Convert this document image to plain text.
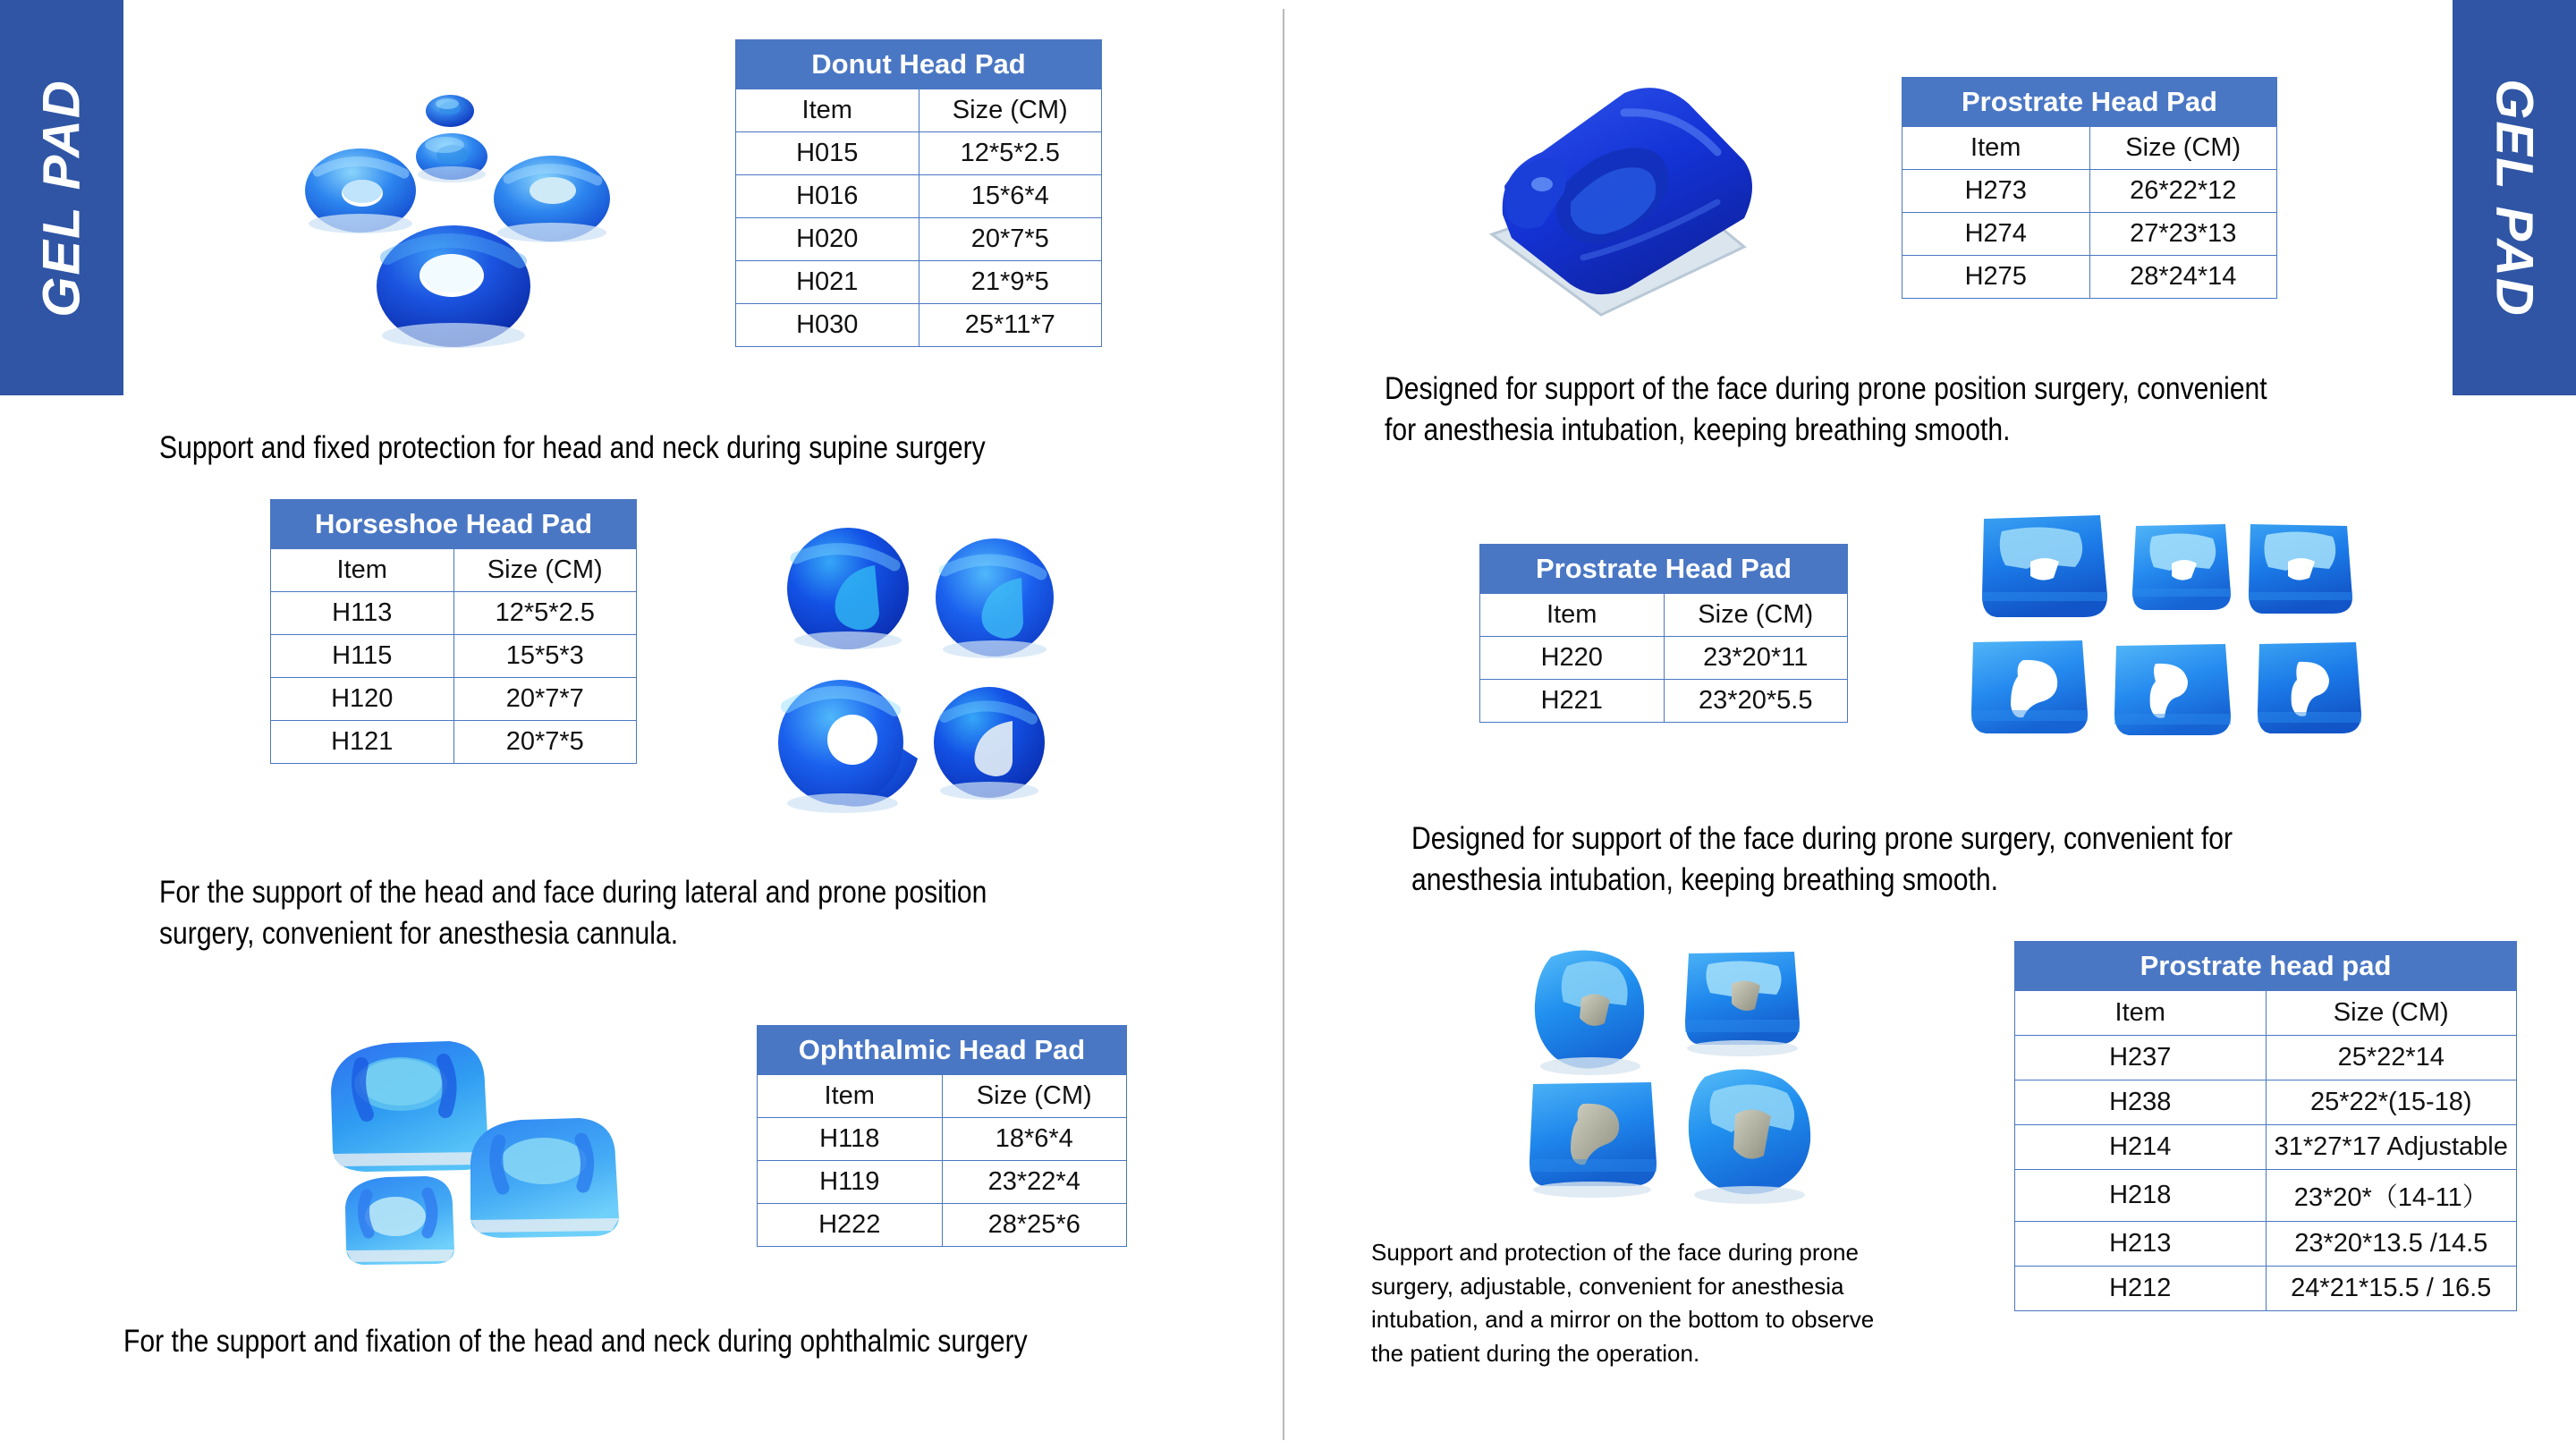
GEL PAD	GEL PAD
Donut Head Pad	
Item	Size (CM)
H015	12*5*2.5
H016	15*6*4
H020	20*7*5
H021	21*9*5
H030	25*11*7
Support and fixed protection for head and neck during supine surgery
Horseshoe Head Pad	
Item	Size (CM)
H113	12*5*2.5
H115	15*5*3
H120	20*7*7
H121	20*7*5
For the support of the head and face during lateral and prone position
surgery, convenient for anesthesia cannula.
Ophthalmic Head Pad	
Item	Size (CM)
H118	18*6*4
H119	23*22*4
H222	28*25*6
For the support and fixation of the head and neck during ophthalmic surgery
Prostrate Head Pad	
Item	Size (CM)
H273	26*22*12
H274	27*23*13
H275	28*24*14
Designed for support of the face during prone position surgery, convenient
for anesthesia intubation, keeping breathing smooth.
Prostrate Head Pad	
Item	Size (CM)
H220	23*20*11
H221	23*20*5.5
Designed for support of the face during prone surgery, convenient for
anesthesia intubation, keeping breathing smooth.
Prostrate head pad	
Item	Size (CM)
H237	25*22*14
H238	25*22*(15-18)
H214	31*27*17 Adjustable
H218	23*20*（14-11）
H213	23*20*13.5 /14.5
H212	24*21*15.5 / 16.5
Support and protection of the face during prone
surgery, adjustable, convenient for anesthesia
intubation, and a mirror on the bottom to observe
the patient during the operation.
